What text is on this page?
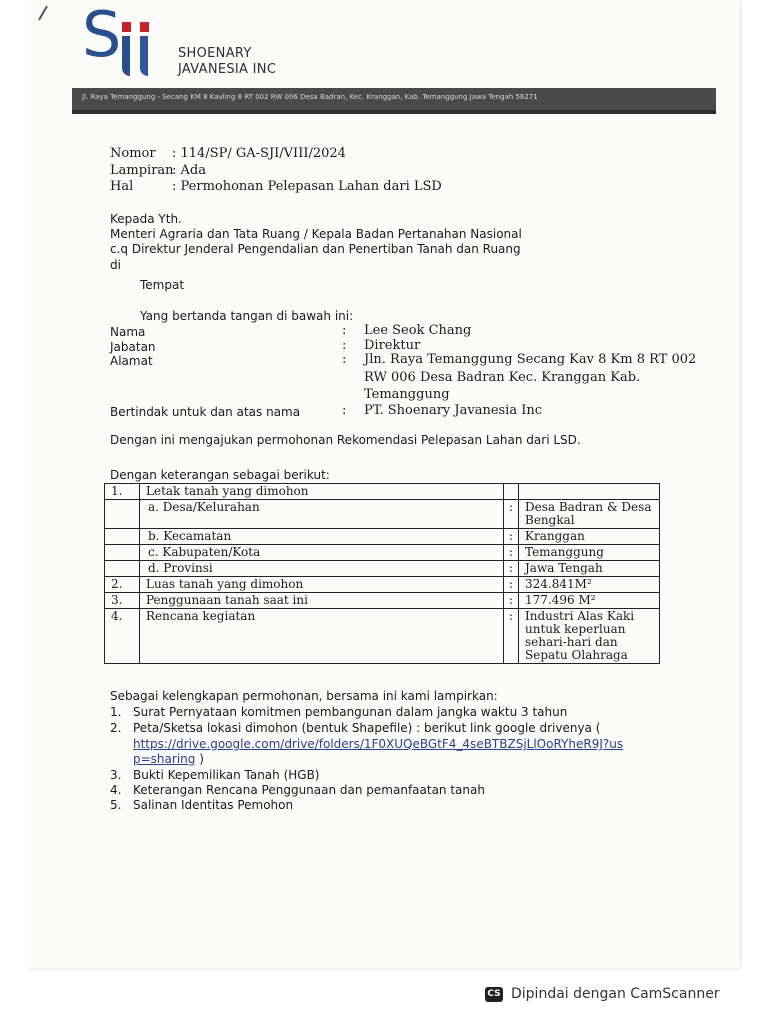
S	SHOENARY
JAVANESIA INC
Jl. Raya Temanggung - Secang KM 8 Kavling 8 RT 002 RW 006 Desa Badran, Kec. Kranggan, Kab. Temanggung Jawa Tengah 56271
Nomor : 114/SP/ GA-SJI/VIII/2024
Lampiran
: Ada
Hal	: Permohonan Pelepasan Lahan dari LSD
Kepada Yth.
Menteri Agraria dan Tata Ruang / Kepala Badan Pertanahan Nasional
c.q Direktur Jenderal Pengendalian dan Penertiban Tanah dan Ruang
di
Tempat
Yang bertanda tangan di bawah ini:
Nama	: Lee Seok Chang
Jabatan	: Direktur
Alamat	: Jln. Raya Temanggung Secang Kav 8 Km 8 RT 002
RW 006 Desa Badran Kec. Kranggan Kab.
Temanggung
Bertindak untuk dan atas nama	: PT. Shoenary Javanesia Inc
Dengan ini mengajukan permohonan Rekomendasi Pelepasan Lahan dari LSD.
Dengan keterangan sebagai berikut:
1.	Letak tanah yang dimohon		
	a. Desa/Kelurahan	:	Desa Badran & Desa
Bengkal

	b. Kecamatan	:	Kranggan
	c. Kabupaten/Kota	:	Temanggung
	d. Provinsi	:	Jawa Tengah
2.	Luas tanah yang dimohon	:	324.841M²
3.	Penggunaan tanah saat ini	:	177.496 M²
4.	Rencana kegiatan	:	Industri Alas Kaki
untuk keperluan
sehari-hari dan
Sepatu Olahraga
Sebagai kelengkapan permohonan, bersama ini kami lampirkan:
1. Surat Pernyataan komitmen pembangunan dalam jangka waktu 3 tahun
2. Peta/Sketsa lokasi dimohon (bentuk Shapefile) : berikut link google drivenya (
https://drive.google.com/drive/folders/1F0XUQeBGtF4_4seBTBZSjLlOoRYheR9J?us
p=sharing )
3. Bukti Kepemilikan Tanah (HGB)
4. Keterangan Rencana Penggunaan dan pemanfaatan tanah
5. Salinan Identitas Pemohon
CS Dipindai dengan CamScanner
